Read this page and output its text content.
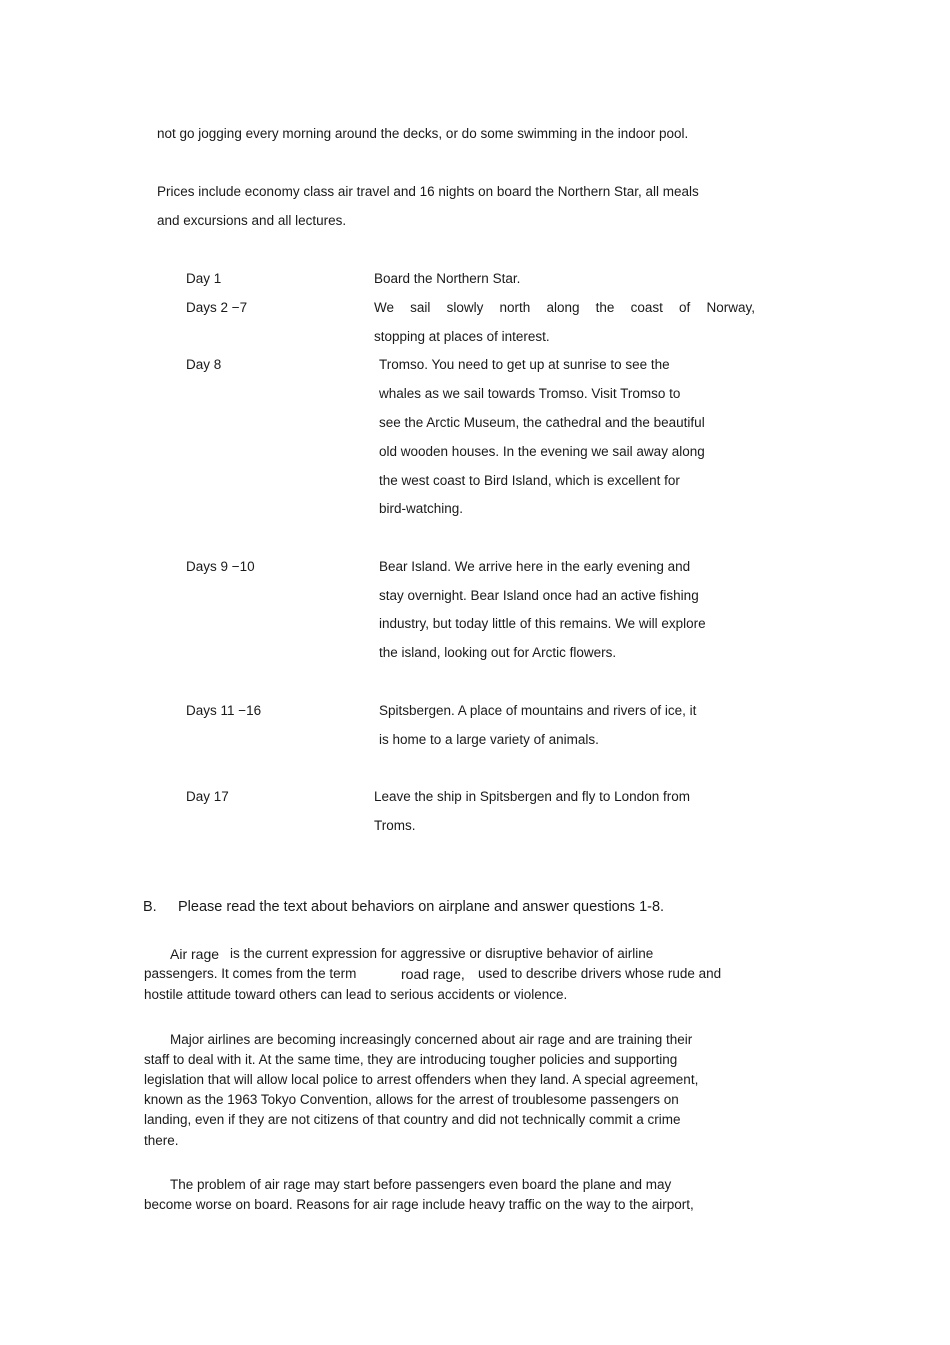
not go jogging every morning around the decks, or do some swimming in the indoor pool.
Prices include economy class air travel and 16 nights on board the Northern Star, all meals
and excursions and all lectures.
Day 1	Board the Northern Star.
Days 2 −7	We sail slowly north along the coast of Norway,
stopping at places of interest.
Day 8	Tromso. You need to get up at sunrise to see the
whales as we sail towards Tromso. Visit Tromso to
see the Arctic Museum, the cathedral and the beautiful
old wooden houses. In the evening we sail away along
the west coast to Bird Island, which is excellent for
bird-watching.
Days 9 −10	Bear Island. We arrive here in the early evening and
stay overnight. Bear Island once had an active fishing
industry, but today little of this remains. We will explore
the island, looking out for Arctic flowers.
Days 11 −16	Spitsbergen. A place of mountains and rivers of ice, it
is home to a large variety of animals.
Day 17	Leave the ship in Spitsbergen and fly to London from
Troms.
B. Please read the text about behaviors on airplane and answer questions 1-8.
Air rage is the current expression for aggressive or disruptive behavior of airline
passengers. It comes from the term	road rage, used to describe drivers whose rude and
hostile attitude toward others can lead to serious accidents or violence.
Major airlines are becoming increasingly concerned about air rage and are training their
staff to deal with it. At the same time, they are introducing tougher policies and supporting
legislation that will allow local police to arrest offenders when they land. A special agreement,
known as the 1963 Tokyo Convention, allows for the arrest of troublesome passengers on
landing, even if they are not citizens of that country and did not technically commit a crime
there.
The problem of air rage may start before passengers even board the plane and may
become worse on board. Reasons for air rage include heavy traffic on the way to the airport,
